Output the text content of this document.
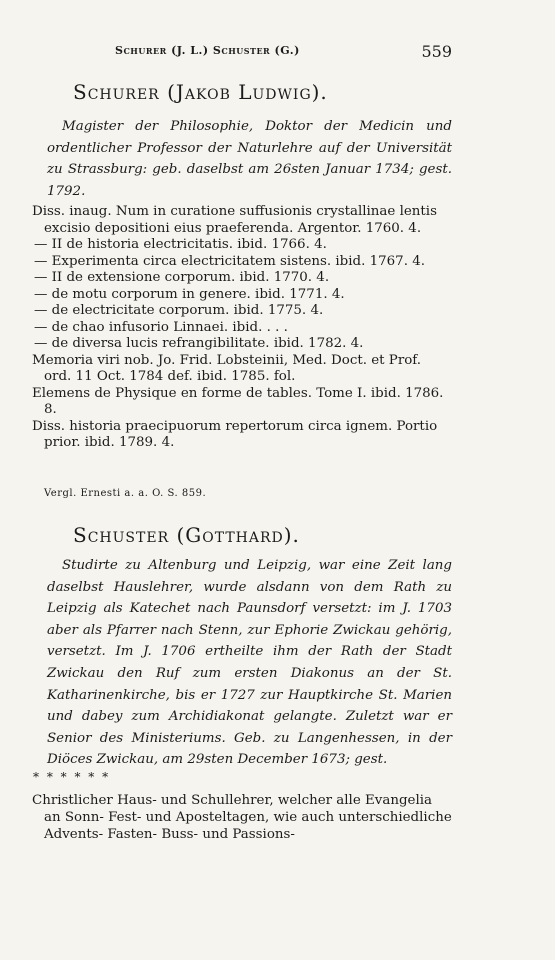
Schurer (J. L.) Schuster (G.)	559
Schurer (Jakob Ludwig).
Magister der Philosophie, Doktor der Medicin und ordentlicher Professor der Naturlehre auf der Universität zu Strassburg: geb. daselbst am 26sten Januar 1734; gest. 1792.
Diss. inaug. Num in curatione suffusionis crystallinae lentis excisio depositioni eius praeferenda. Argentor. 1760. 4.
— II de historia electricitatis. ibid. 1766. 4.
— Experimenta circa electricitatem sistens. ibid. 1767. 4.
— II de extensione corporum. ibid. 1770. 4.
— de motu corporum in genere. ibid. 1771. 4.
— de electricitate corporum. ibid. 1775. 4.
— de chao infusorio Linnaei. ibid. . . .
— de diversa lucis refrangibilitate. ibid. 1782. 4.
Memoria viri nob. Jo. Frid. Lobsteinii, Med. Doct. et Prof. ord. 11 Oct. 1784 def. ibid. 1785. fol.
Elemens de Physique en forme de tables. Tome I. ibid. 1786. 8.
Diss. historia praecipuorum repertorum circa ignem. Portio prior. ibid. 1789. 4.
Vergl. Ernesti a. a. O. S. 859.
Schuster (Gotthard).
Studirte zu Altenburg und Leipzig, war eine Zeit lang daselbst Hauslehrer, wurde alsdann von dem Rath zu Leipzig als Katechet nach Paunsdorf versetzt: im J. 1703 aber als Pfarrer nach Stenn, zur Ephorie Zwickau gehörig, versetzt. Im J. 1706 ertheilte ihm der Rath der Stadt Zwickau den Ruf zum ersten Diakonus an der St. Katharinenkirche, bis er 1727 zur Hauptkirche St. Marien und dabey zum Archidiakonat gelangte. Zuletzt war er Senior des Ministeriums. Geb. zu Langenhessen, in der Diöces Zwickau, am 29sten December 1673; gest.
* * * * * *
Christlicher Haus- und Schullehrer, welcher alle Evangelia an Sonn- Fest- und Aposteltagen, wie auch unterschiedliche Advents- Fasten- Buss- und Passions-
